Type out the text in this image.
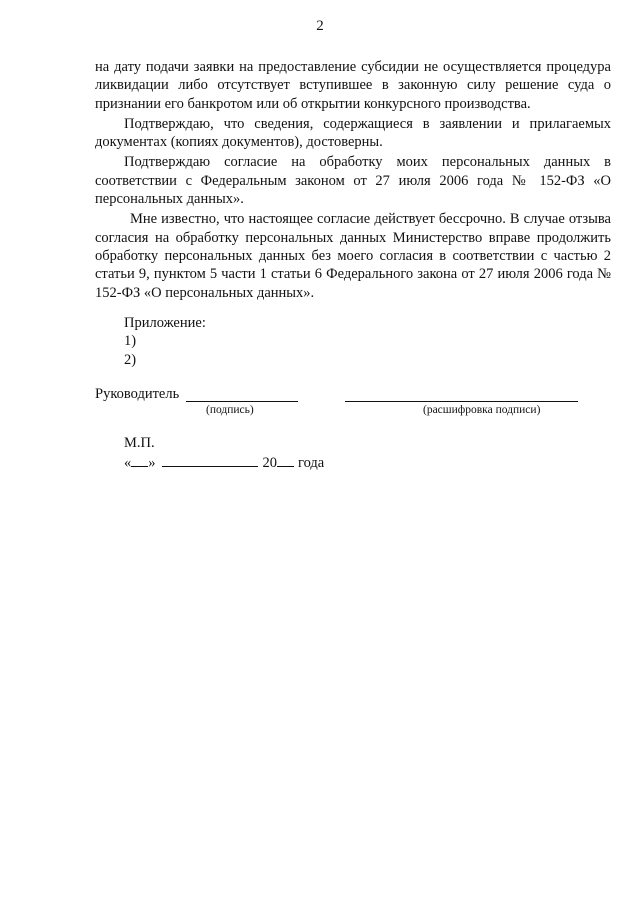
2

на дату подачи заявки на предоставление субсидии не осуществляется процедура ликвидации либо отсутствует вступившее в законную силу решение суда о признании его банкротом или об открытии конкурсного производства.

Подтверждаю, что сведения, содержащиеся в заявлении и прилагаемых документах (копиях документов), достоверны.

Подтверждаю согласие на обработку моих персональных данных в соответствии с Федеральным законом от 27 июля 2006 года № 152-ФЗ «О персональных данных».

Мне известно, что настоящее согласие действует бессрочно. В случае отзыва согласия на обработку персональных данных Министерство вправе продолжить обработку персональных данных без моего согласия в соответствии с частью 2 статьи 9, пунктом 5 части 1 статьи 6 Федерального закона от 27 июля 2006 года № 152-ФЗ «О персональных данных».

Приложение:
1)
2)
Руководитель
(подпись)	(расшифровка подписи)
М.П.
« »	20 года
